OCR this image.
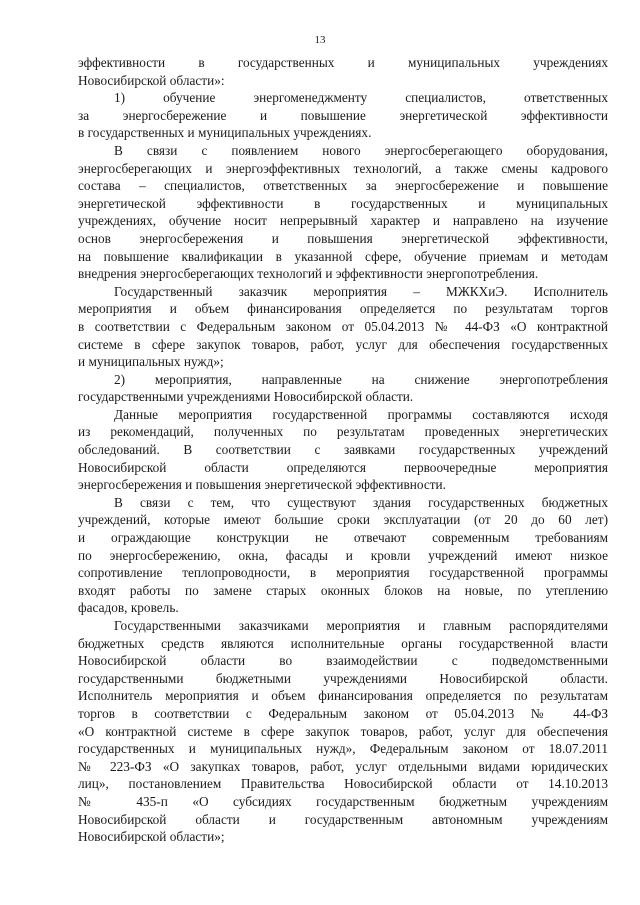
13
эффективности в государственных и муниципальных учреждениях
Новосибирской области»:
1) обучение энергоменеджменту специалистов, ответственных
за энергосбережение и повышение энергетической эффективности
в государственных и муниципальных учреждениях.
В связи с появлением нового энергосберегающего оборудования,
энергосберегающих и энергоэффективных технологий, а также смены кадрового
состава – специалистов, ответственных за энергосбережение и повышение
энергетической эффективности в государственных и муниципальных
учреждениях, обучение носит непрерывный характер и направлено на изучение
основ энергосбережения и повышения энергетической эффективности,
на повышение квалификации в указанной сфере, обучение приемам и методам
внедрения энергосберегающих технологий и эффективности энергопотребления.
Государственный заказчик мероприятия – МЖКХиЭ. Исполнитель
мероприятия и объем финансирования определяется по результатам торгов
в соответствии с Федеральным законом от 05.04.2013 № 44-ФЗ «О контрактной
системе в сфере закупок товаров, работ, услуг для обеспечения государственных
и муниципальных нужд»;
2) мероприятия, направленные на снижение энергопотребления
государственными учреждениями Новосибирской области.
Данные мероприятия государственной программы составляются исходя
из рекомендаций, полученных по результатам проведенных энергетических
обследований. В соответствии с заявками государственных учреждений
Новосибирской области определяются первоочередные мероприятия
энергосбережения и повышения энергетической эффективности.
В связи с тем, что существуют здания государственных бюджетных
учреждений, которые имеют большие сроки эксплуатации (от 20 до 60 лет)
и ограждающие конструкции не отвечают современным требованиям
по энергосбережению, окна, фасады и кровли учреждений имеют низкое
сопротивление теплопроводности, в мероприятия государственной программы
входят работы по замене старых оконных блоков на новые, по утеплению
фасадов, кровель.
Государственными заказчиками мероприятия и главным распорядителями
бюджетных средств являются исполнительные органы государственной власти
Новосибирской области во взаимодействии с подведомственными
государственными бюджетными учреждениями Новосибирской области.
Исполнитель мероприятия и объем финансирования определяется по результатам
торгов в соответствии с Федеральным законом от 05.04.2013 № 44-ФЗ
«О контрактной системе в сфере закупок товаров, работ, услуг для обеспечения
государственных и муниципальных нужд», Федеральным законом от 18.07.2011
№ 223-ФЗ «О закупках товаров, работ, услуг отдельными видами юридических
лиц», постановлением Правительства Новосибирской области от 14.10.2013
№ 435-п «О субсидиях государственным бюджетным учреждениям
Новосибирской области и государственным автономным учреждениям
Новосибирской области»;
